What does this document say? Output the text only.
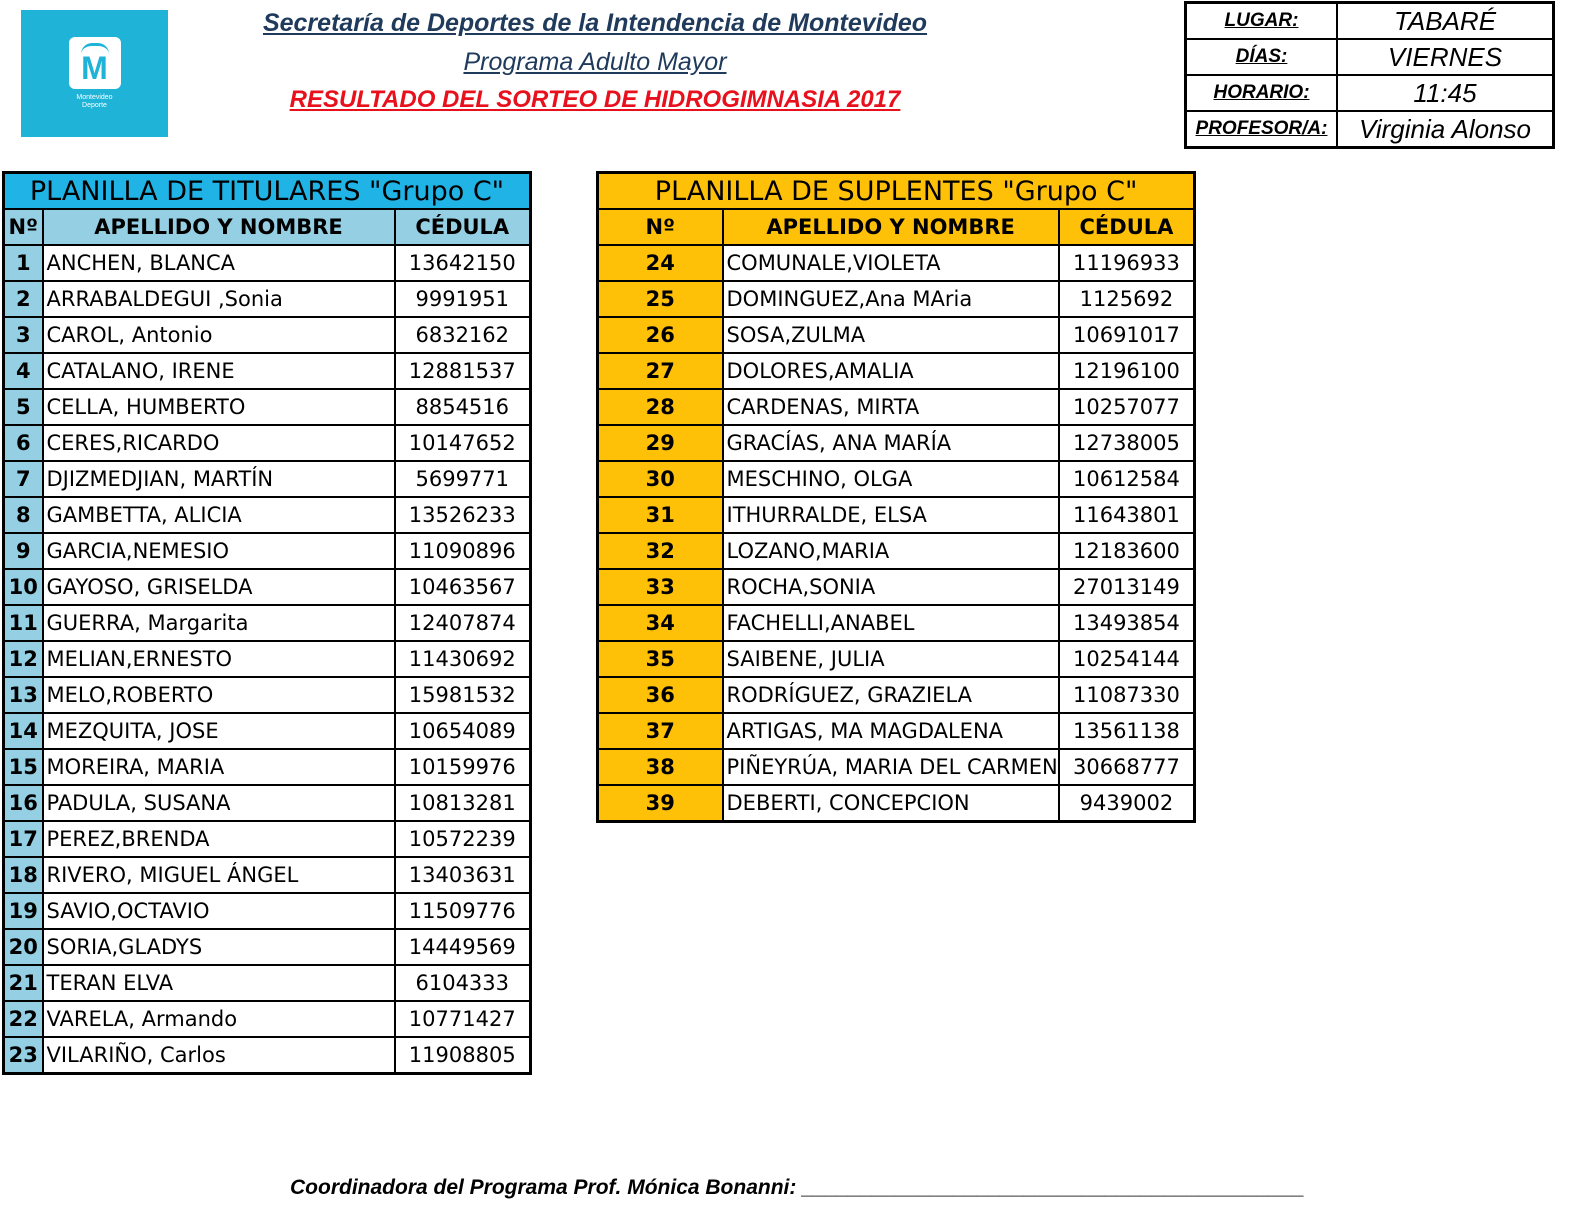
M
Montevideo
Deporte
Secretaría de Deportes de la Intendencia de Montevideo
Programa Adulto Mayor
RESULTADO DEL SORTEO DE HIDROGIMNASIA 2017
LUGAR:	TABARÉ
DÍAS:	VIERNES
HORARIO:	11:45
PROFESOR/A:	Virginia Alonso
PLANILLA DE TITULARES "Grupo C"		
Nº	APELLIDO Y NOMBRE	CÉDULA
1	ANCHEN, BLANCA	13642150
2	ARRABALDEGUI ,Sonia	9991951
3	CAROL, Antonio	6832162
4	CATALANO, IRENE	12881537
5	CELLA, HUMBERTO	8854516
6	CERES,RICARDO	10147652
7	DJIZMEDJIAN, MARTÍN	5699771
8	GAMBETTA, ALICIA	13526233
9	GARCIA,NEMESIO	11090896
10	GAYOSO, GRISELDA	10463567
11	GUERRA, Margarita	12407874
12	MELIAN,ERNESTO	11430692
13	MELO,ROBERTO	15981532
14	MEZQUITA, JOSE	10654089
15	MOREIRA, MARIA	10159976
16	PADULA, SUSANA	10813281
17	PEREZ,BRENDA	10572239
18	RIVERO, MIGUEL ÁNGEL	13403631
19	SAVIO,OCTAVIO	11509776
20	SORIA,GLADYS	14449569
21	TERAN ELVA	6104333
22	VARELA, Armando	10771427
23	VILARIÑO, Carlos	11908805
PLANILLA DE SUPLENTES "Grupo C"		
Nº	APELLIDO Y NOMBRE	CÉDULA
24	COMUNALE,VIOLETA	11196933
25	DOMINGUEZ,Ana MAria	1125692
26	SOSA,ZULMA	10691017
27	DOLORES,AMALIA	12196100
28	CARDENAS, MIRTA	10257077
29	GRACÍAS, ANA MARÍA	12738005
30	MESCHINO, OLGA	10612584
31	ITHURRALDE, ELSA	11643801
32	LOZANO,MARIA	12183600
33	ROCHA,SONIA	27013149
34	FACHELLI,ANABEL	13493854
35	SAIBENE, JULIA	10254144
36	RODRÍGUEZ, GRAZIELA	11087330
37	ARTIGAS, MA MAGDALENA	13561138
38	PIÑEYRÚA, MARIA DEL CARMEN	30668777
39	DEBERTI, CONCEPCION	9439002
Coordinadora del Programa Prof. Mónica Bonanni: ___________________________________________
